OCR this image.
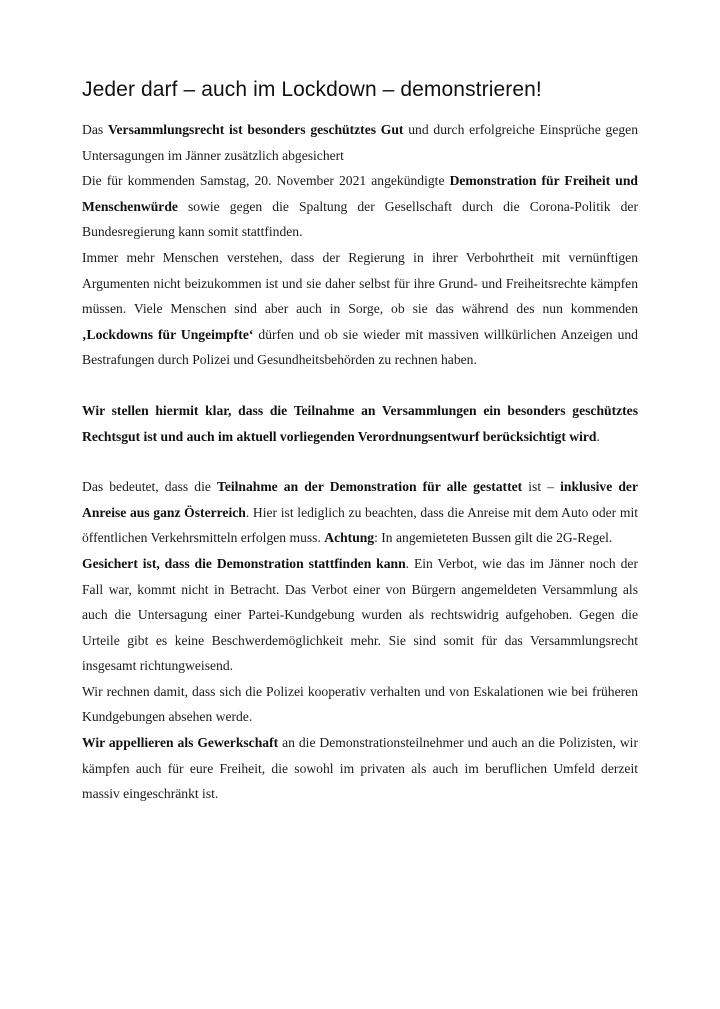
Jeder darf – auch im Lockdown – demonstrieren!

Das Versammlungsrecht ist besonders geschütztes Gut und durch erfolgreiche Einsprüche gegen Untersagungen im Jänner zusätzlich abgesichert

Die für kommenden Samstag, 20. November 2021 angekündigte Demonstration für Freiheit und Menschenwürde sowie gegen die Spaltung der Gesellschaft durch die Corona-Politik der Bundesregierung kann somit stattfinden.

Immer mehr Menschen verstehen, dass der Regierung in ihrer Verbohrtheit mit vernünftigen Argumenten nicht beizukommen ist und sie daher selbst für ihre Grund- und Freiheitsrechte kämpfen müssen. Viele Menschen sind aber auch in Sorge, ob sie das während des nun kommenden ‚Lockdowns für Ungeimpfte‘ dürfen und ob sie wieder mit massiven willkürlichen Anzeigen und Bestrafungen durch Polizei und Gesundheitsbehörden zu rechnen haben.

Wir stellen hiermit klar, dass die Teilnahme an Versammlungen ein besonders geschütztes Rechtsgut ist und auch im aktuell vorliegenden Verordnungsentwurf berücksichtigt wird.

Das bedeutet, dass die Teilnahme an der Demonstration für alle gestattet ist – inklusive der Anreise aus ganz Österreich. Hier ist lediglich zu beachten, dass die Anreise mit dem Auto oder mit öffentlichen Verkehrsmitteln erfolgen muss. Achtung: In angemieteten Bussen gilt die 2G-Regel.

Gesichert ist, dass die Demonstration stattfinden kann. Ein Verbot, wie das im Jänner noch der Fall war, kommt nicht in Betracht. Das Verbot einer von Bürgern angemeldeten Versammlung als auch die Untersagung einer Partei-Kundgebung wurden als rechtswidrig aufgehoben. Gegen die Urteile gibt es keine Beschwerdemöglichkeit mehr. Sie sind somit für das Versammlungsrecht insgesamt richtungweisend.

Wir rechnen damit, dass sich die Polizei kooperativ verhalten und von Eskalationen wie bei früheren Kundgebungen absehen werde.

Wir appellieren als Gewerkschaft an die Demonstrationsteilnehmer und auch an die Polizisten, wir kämpfen auch für eure Freiheit, die sowohl im privaten als auch im beruflichen Umfeld derzeit massiv eingeschränkt ist.
